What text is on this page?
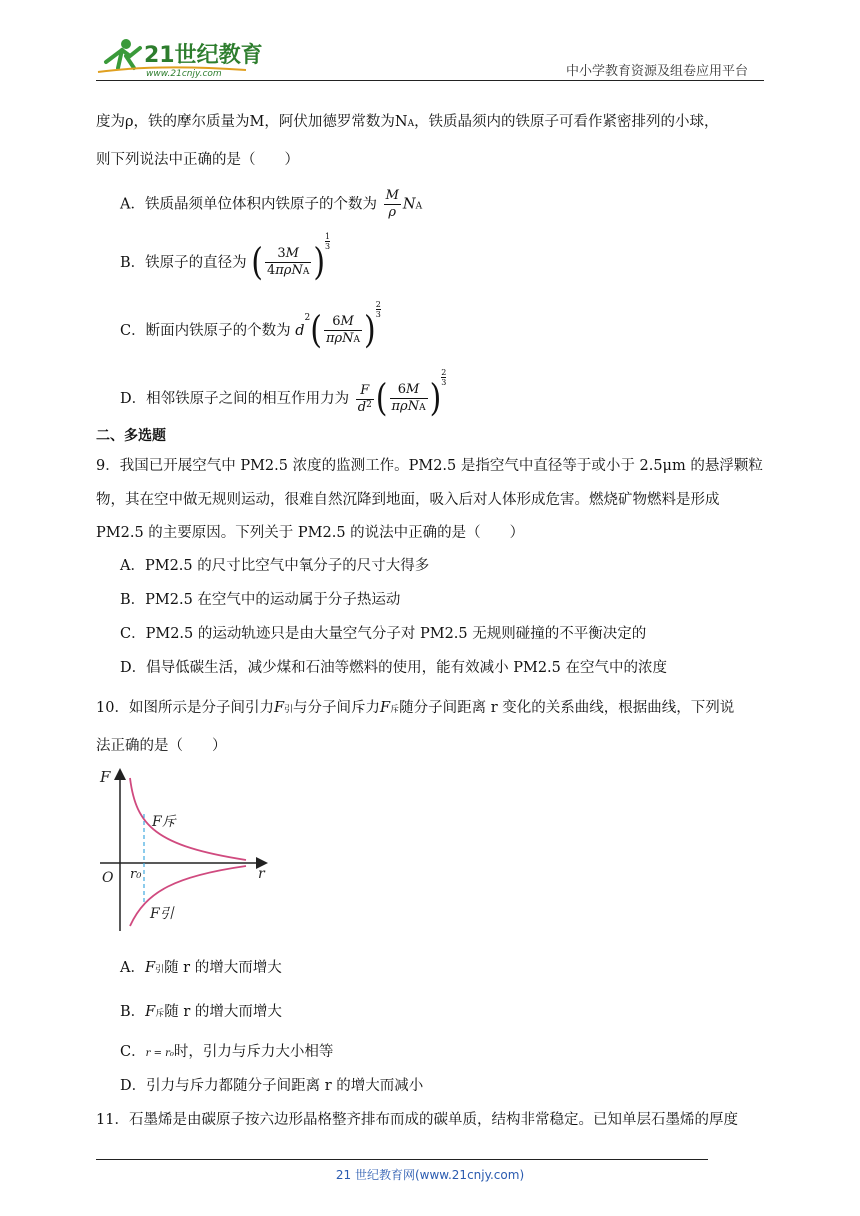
21世纪教育
www.21cnjy.com	中小学教育资源及组卷应用平台
度为ρ，铁的摩尔质量为M，阿伏加德罗常数为NA，铁质晶须内的铁原子可看作紧密排列的小球，
则下列说法中正确的是（　　）
A．铁质晶须单位体积内铁原子的个数为 $\frac{M}{\rho}$ NA
B．铁原子的直径为 ( $\frac{3M}{\text{4πρNA}}$ ) $\frac{1}{3}$
C．断面内铁原子的个数为 $d^2( \frac{6M}{\text{πρNA}}$ ) $\frac{2}{3}$
D．相邻铁原子之间的相互作用力为 $\frac{F}{d^2}$ ( $\frac{6M}{\text{πρNA}}$ ) $\frac{2}{3}$
二、多选题
9．我国已开展空气中 PM2.5 浓度的监测工作。PM2.5 是指空气中直径等于或小于 2.5μm 的悬浮颗粒
物，其在空中做无规则运动，很难自然沉降到地面，吸入后对人体形成危害。燃烧矿物燃料是形成
PM2.5 的主要原因。下列关于 PM2.5 的说法中正确的是（　　）
A．PM2.5 的尺寸比空气中氧分子的尺寸大得多
B．PM2.5 在空气中的运动属于分子热运动
C．PM2.5 的运动轨迹只是由大量空气分子对 PM2.5 无规则碰撞的不平衡决定的
D．倡导低碳生活，减少煤和石油等燃料的使用，能有效减小 PM2.5 在空气中的浓度
10．如图所示是分子间引力F引与分子间斥力F斥随分子间距离 r 变化的关系曲线，根据曲线，下列说
法正确的是（　　）
F
r
O r₀
F斥
F引
A．F引随 r 的增大而增大
B．F斥随 r 的增大而增大
C．r = r₀时，引力与斥力大小相等
D．引力与斥力都随分子间距离 r 的增大而减小
11．石墨烯是由碳原子按六边形晶格整齐排布而成的碳单质，结构非常稳定。已知单层石墨烯的厚度
21 世纪教育网(www.21cnjy.com)
